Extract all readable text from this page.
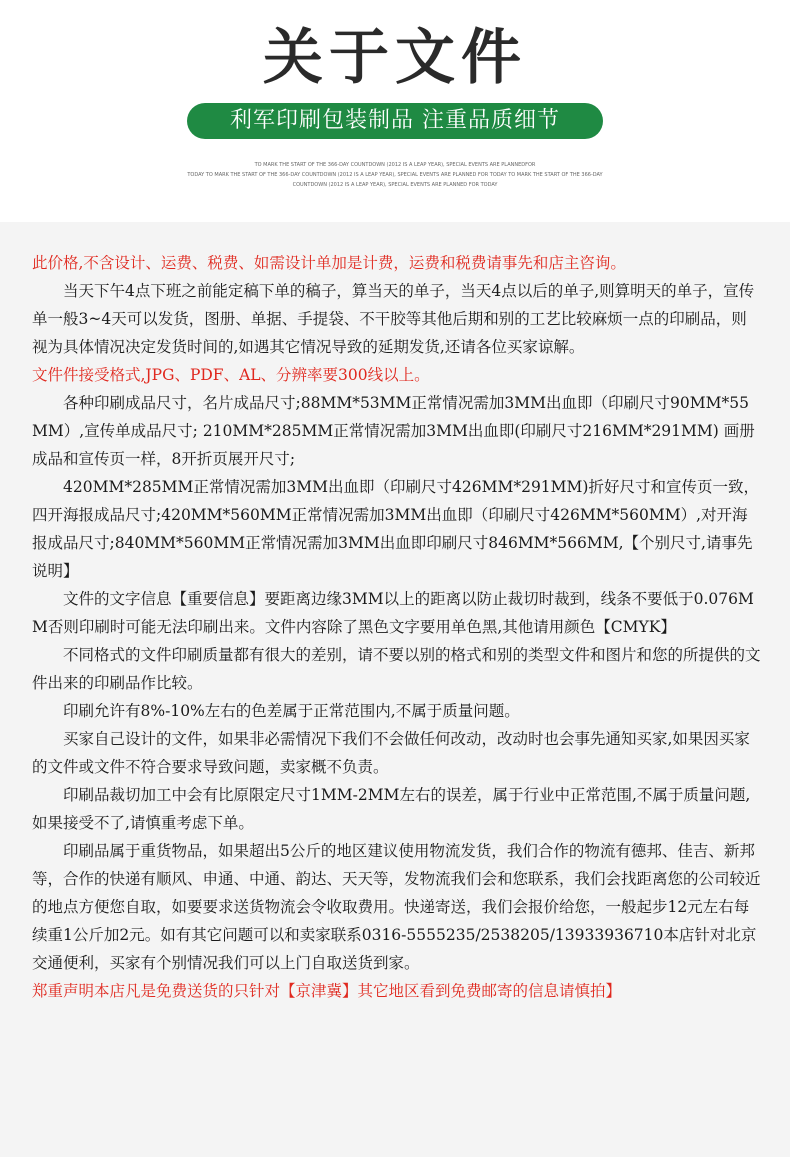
关于文件
利军印刷包装制品 注重品质细节
TO MARK THE START OF THE 366-DAY COUNTDOWN (2012 IS A LEAP YEAR), SPECIAL EVENTS ARE PLANNEDFOR
TODAY TO MARK THE START OF THE 366-DAY COUNTDOWN (2012 IS A LEAP YEAR), SPECIAL EVENTS ARE PLANNED FOR TODAY TO MARK THE START OF THE 366-DAY
COUNTDOWN (2012 IS A LEAP YEAR), SPECIAL EVENTS ARE PLANNED FOR TODAY

此价格,不含设计、运费、税费、如需设计单加是计费，运费和税费请事先和店主咨询。

当天下午4点下班之前能定稿下单的稿子，算当天的单子，当天4点以后的单子,则算明天的单子，宣传单一般3~4天可以发货，图册、单据、手提袋、不干胶等其他后期和别的工艺比较麻烦一点的印刷品，则视为具体情况决定发货时间的,如遇其它情况导致的延期发货,还请各位买家谅解。

文件件接受格式,JPG、PDF、AL、分辨率要300线以上。

各种印刷成品尺寸，名片成品尺寸;88MM*53MM正常情况需加3MM出血即（印刷尺寸90MM*55MM）,宣传单成品尺寸; 210MM*285MM正常情况需加3MM出血即(印刷尺寸216MM*291MM) 画册成品和宣传页一样，8开折页展开尺寸;

420MM*285MM正常情况需加3MM出血即（印刷尺寸426MM*291MM)折好尺寸和宣传页一致，四开海报成品尺寸;420MM*560MM正常情况需加3MM出血即（印刷尺寸426MM*560MM）,对开海报成品尺寸;840MM*560MM正常情况需加3MM出血即印刷尺寸846MM*566MM,【个别尺寸,请事先说明】

文件的文字信息【重要信息】要距离边缘3MM以上的距离以防止裁切时裁到，线条不要低于0.076MM否则印刷时可能无法印刷出来。文件内容除了黑色文字要用单色黑,其他请用颜色【CMYK】

不同格式的文件印刷质量都有很大的差别，请不要以别的格式和别的类型文件和图片和您的所提供的文件出来的印刷品作比较。

印刷允许有8%-10%左右的色差属于正常范围内,不属于质量问题。

买家自己设计的文件，如果非必需情况下我们不会做任何改动，改动时也会事先通知买家,如果因买家的文件或文件不符合要求导致问题，卖家概不负责。

印刷品裁切加工中会有比原限定尺寸1MM-2MM左右的误差，属于行业中正常范围,不属于质量问题,如果接受不了,请慎重考虑下单。

印刷品属于重货物品，如果超出5公斤的地区建议使用物流发货，我们合作的物流有德邦、佳吉、新邦等，合作的快递有顺风、申通、中通、韵达、天天等，发物流我们会和您联系，我们会找距离您的公司较近的地点方便您自取，如要要求送货物流会令收取费用。快递寄送，我们会报价给您，一般起步12元左右每续重1公斤加2元。如有其它问题可以和卖家联系0316-5555235/2538205/13933936710本店针对北京交通便利，买家有个别情况我们可以上门自取送货到家。

郑重声明本店凡是免费送货的只针对【京津冀】其它地区看到免费邮寄的信息请慎拍】
